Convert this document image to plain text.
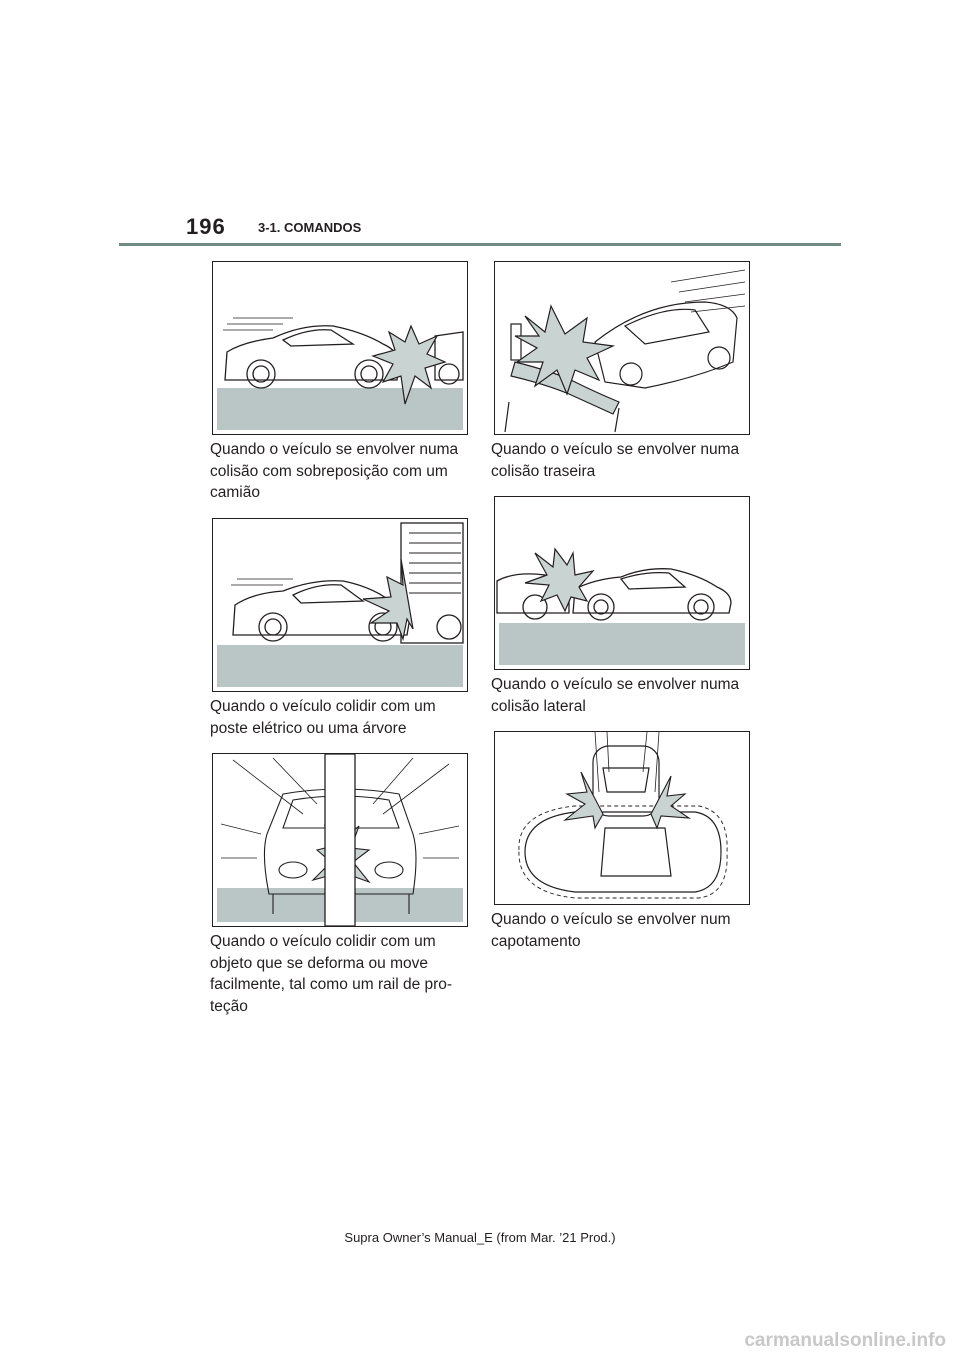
196 3-1. COMANDOS
Quando o veículo se envolver numa colisão com sobreposição com um camião
Quando o veículo colidir com um poste elétrico ou uma árvore
Quando o veículo colidir com um objeto que se deforma ou move facilmente, tal como um rail de pro-teção
Quando o veículo se envolver numa colisão traseira
Quando o veículo se envolver numa colisão lateral
Quando o veículo se envolver num capotamento
Supra Owner’s Manual_E (from Mar. ’21 Prod.)
carmanualsonline.info
